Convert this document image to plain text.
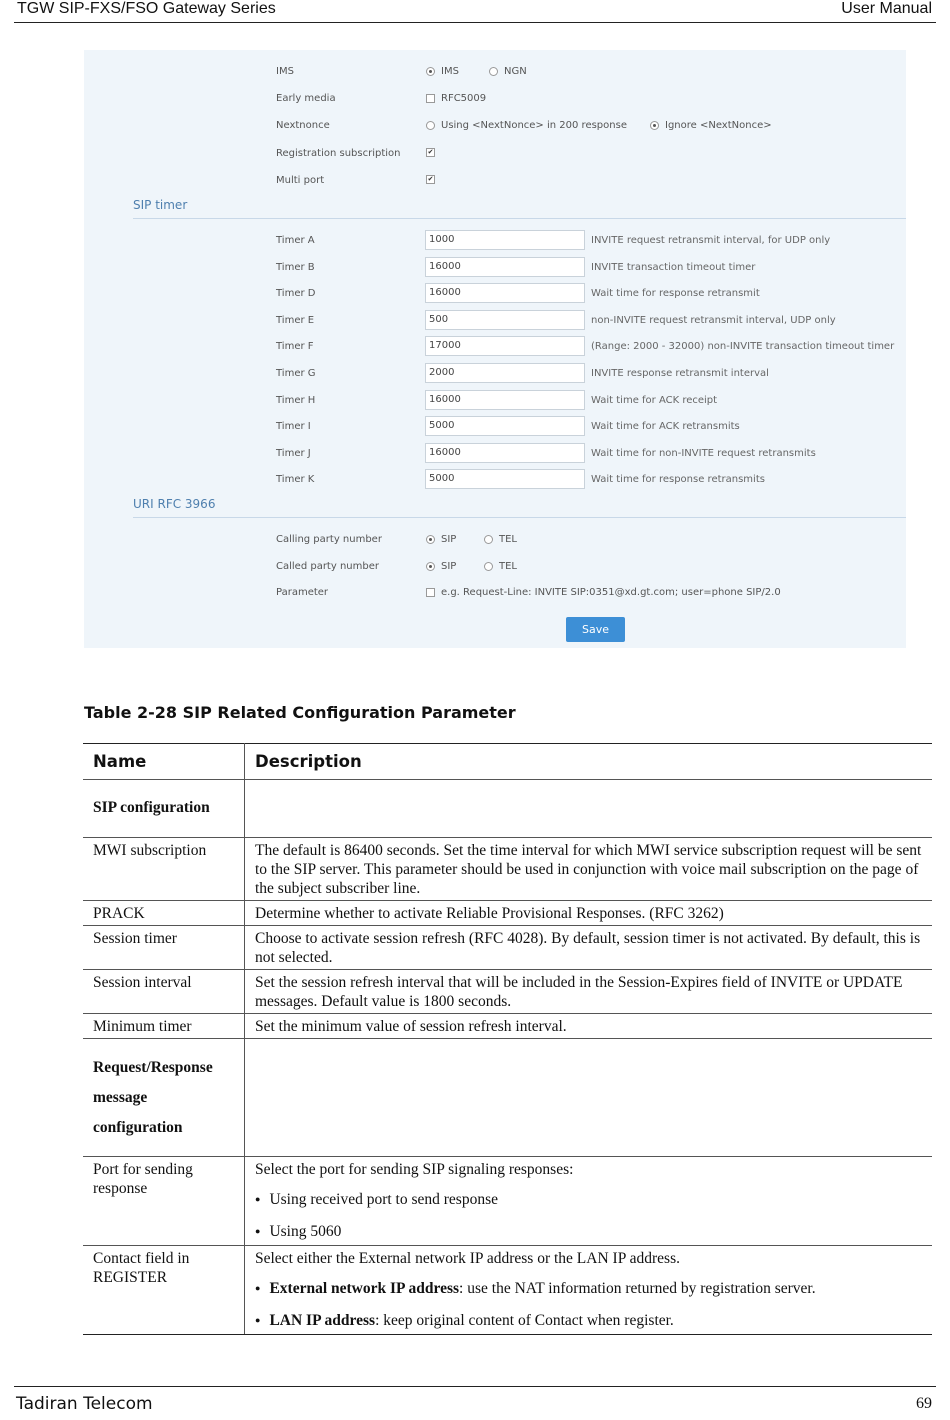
TGW SIP-FXS/FSO Gateway Series	User Manual
IMS	IMS	NGN
Early media	RFC5009
Nextnonce	Using <NextNonce> in 200 response	Ignore <NextNonce>
Registration subscription	✔
Multi port	✔
SIP timer
Timer A	1000	INVITE request retransmit interval, for UDP only
Timer B	16000	INVITE transaction timeout timer
Timer D	16000	Wait time for response retransmit
Timer E	500	non-INVITE request retransmit interval, UDP only
Timer F	17000	(Range: 2000 - 32000) non-INVITE transaction timeout timer
Timer G	2000	INVITE response retransmit interval
Timer H	16000	Wait time for ACK receipt
Timer I	5000	Wait time for ACK retransmits
Timer J	16000	Wait time for non-INVITE request retransmits
Timer K	5000	Wait time for response retransmits
URI RFC 3966
Calling party number	SIP	TEL
Called party number	SIP	TEL
Parameter	e.g. Request-Line: INVITE SIP:0351@xd.gt.com; user=phone SIP/2.0
Save
Table 2-28 SIP Related Configuration Parameter
Name	Description
SIP configuration	
MWI subscription	The default is 86400 seconds. Set the time interval for which MWI service subscription request will be sent to the SIP server. This parameter should be used in conjunction with voice mail subscription on the page of the subject subscriber line.

PRACK	Determine whether to activate Reliable Provisional Responses. (RFC 3262)

Session timer	Choose to activate session refresh (RFC 4028). By default, session timer is not activated. By default, this is not selected.

Session interval	Set the session refresh interval that will be included in the Session-Expires field of INVITE or UPDATE messages. Default value is 1800 seconds.

Minimum timer	Set the minimum value of session refresh interval.

Request/Response message configuration	
Port for sending response	Select the port for sending SIP signaling responses:
● Using received port to send response
● Using 5060

Contact field in REGISTER	Select either the External network IP address or the LAN IP address.
● External network IP address: use the NAT information returned by registration server.
● LAN IP address: keep original content of Contact when register.
Tadiran Telecom	69
